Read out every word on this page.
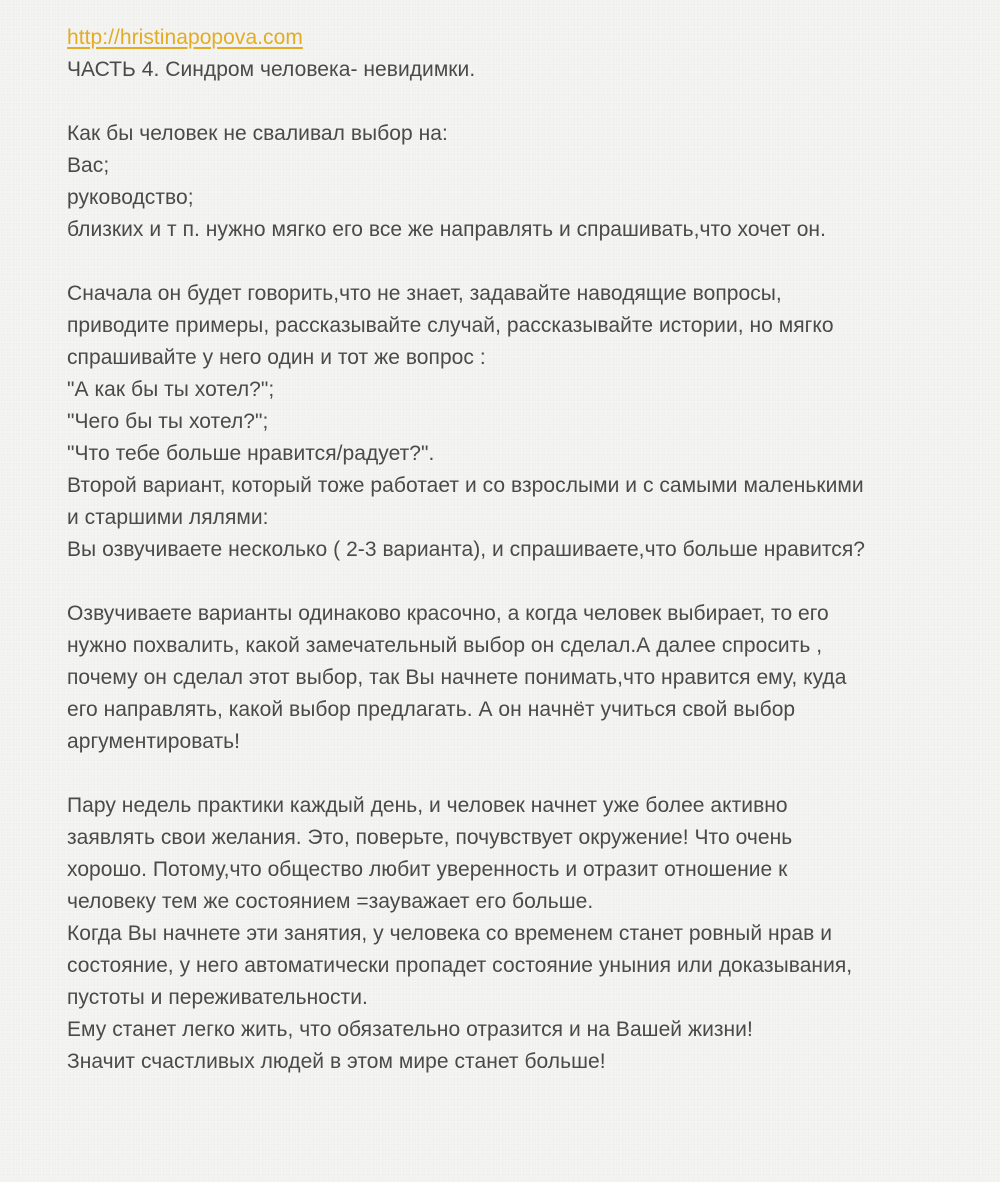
http://hristinapopova.com
ЧАСТЬ 4. Синдром человека- невидимки.
Как бы человек не сваливал выбор на:
Вас;
руководство;
близких и т п. нужно мягко его все же направлять и спрашивать,что хочет он.
Сначала он будет говорить,что не знает, задавайте наводящие вопросы,
приводите примеры, рассказывайте случай, рассказывайте истории, но мягко
спрашивайте у него один и тот же вопрос :
"А как бы ты хотел?";
"Чего бы ты хотел?";
"Что тебе больше нравится/радует?".
Второй вариант, который тоже работает и со взрослыми и с самыми маленькими
и старшими лялями:
Вы озвучиваете несколько ( 2-3 варианта), и спрашиваете,что больше нравится?
Озвучиваете варианты одинаково красочно, а когда человек выбирает, то его
нужно похвалить, какой замечательный выбор он сделал.А далее спросить ,
почему он сделал этот выбор, так Вы начнете понимать,что нравится ему, куда
его направлять, какой выбор предлагать. А он начнёт учиться свой выбор
аргументировать!
Пару недель практики каждый день, и человек начнет уже более активно
заявлять свои желания. Это, поверьте, почувствует окружение! Что очень
хорошо. Потому,что общество любит уверенность и отразит отношение к
человеку тем же состоянием =зауважает его больше.
Когда Вы начнете эти занятия, у человека со временем станет ровный нрав и
состояние, у него автоматически пропадет состояние уныния или доказывания,
пустоты и переживательности.
Ему станет легко жить, что обязательно отразится и на Вашей жизни!
Значит счастливых людей в этом мире станет больше!
